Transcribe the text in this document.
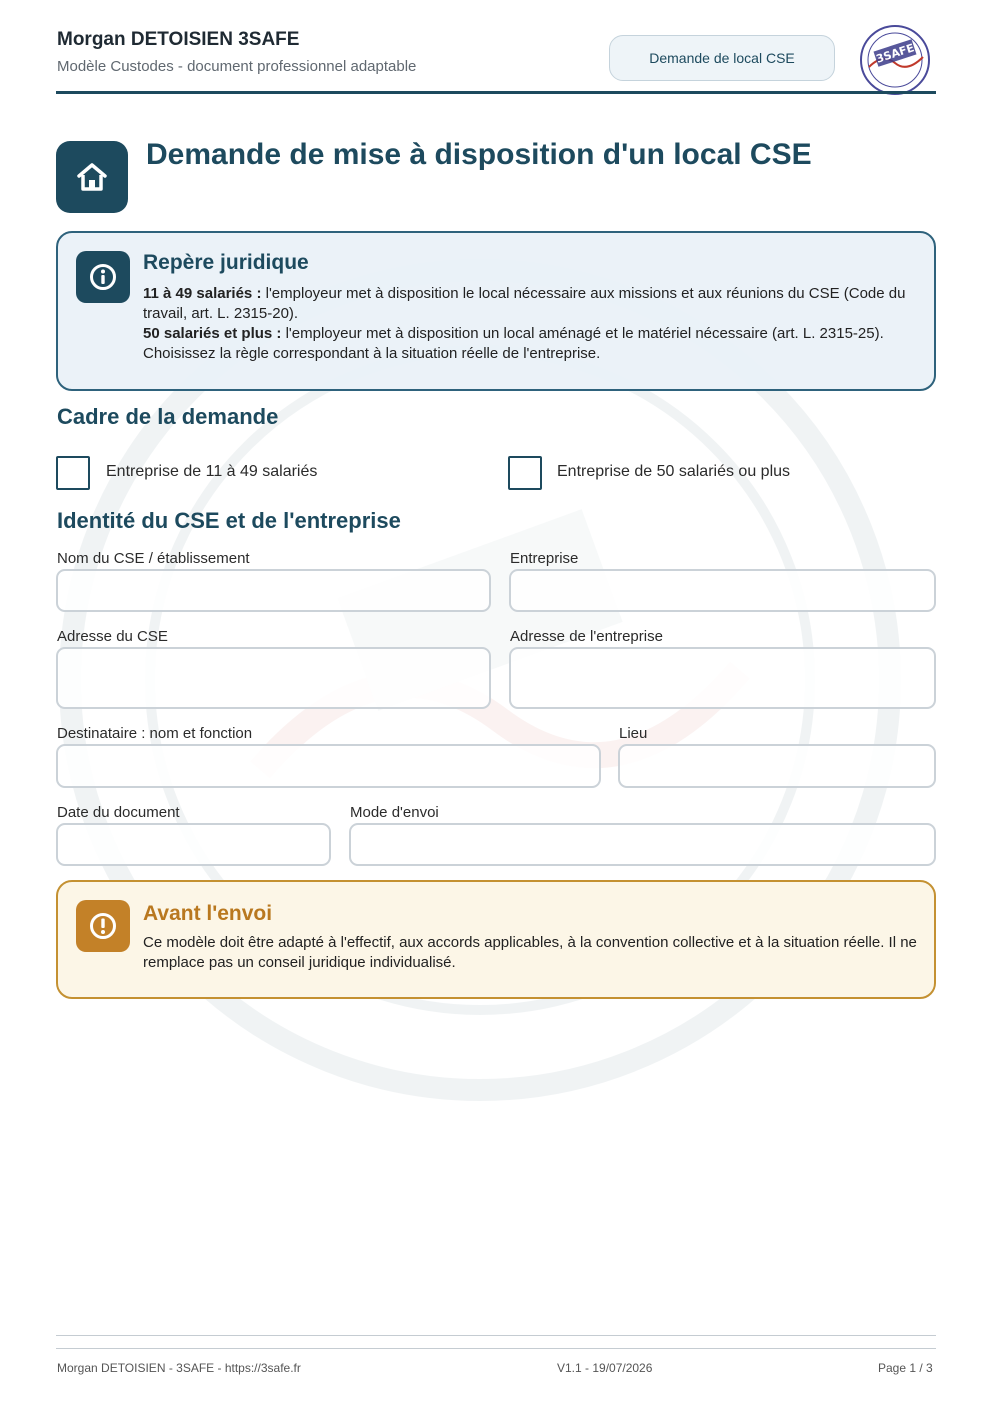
Morgan DETOISIEN 3SAFE
Modèle Custodes - document professionnel adaptable	Demande de local CSE	3SAFE
Demande de mise à disposition d'un local CSE
Repère juridique
11 à 49 salariés : l'employeur met à disposition le local nécessaire aux missions et aux réunions du CSE (Code du travail, art. L. 2315-20).
50 salariés et plus : l'employeur met à disposition un local aménagé et le matériel nécessaire (art. L. 2315-25).
Choisissez la règle correspondant à la situation réelle de l'entreprise.
Cadre de la demande
Entreprise de 11 à 49 salariés	Entreprise de 50 salariés ou plus
Identité du CSE et de l'entreprise
Nom du CSE / établissement	Entreprise
Adresse du CSE	Adresse de l'entreprise
Destinataire : nom et fonction	Lieu
Date du document	Mode d'envoi
Avant l'envoi
Ce modèle doit être adapté à l'effectif, aux accords applicables, à la convention collective et à la situation réelle. Il ne remplace pas un conseil juridique individualisé.
Morgan DETOISIEN - 3SAFE - https://3safe.fr	V1.1 - 19/07/2026	Page 1 / 3
